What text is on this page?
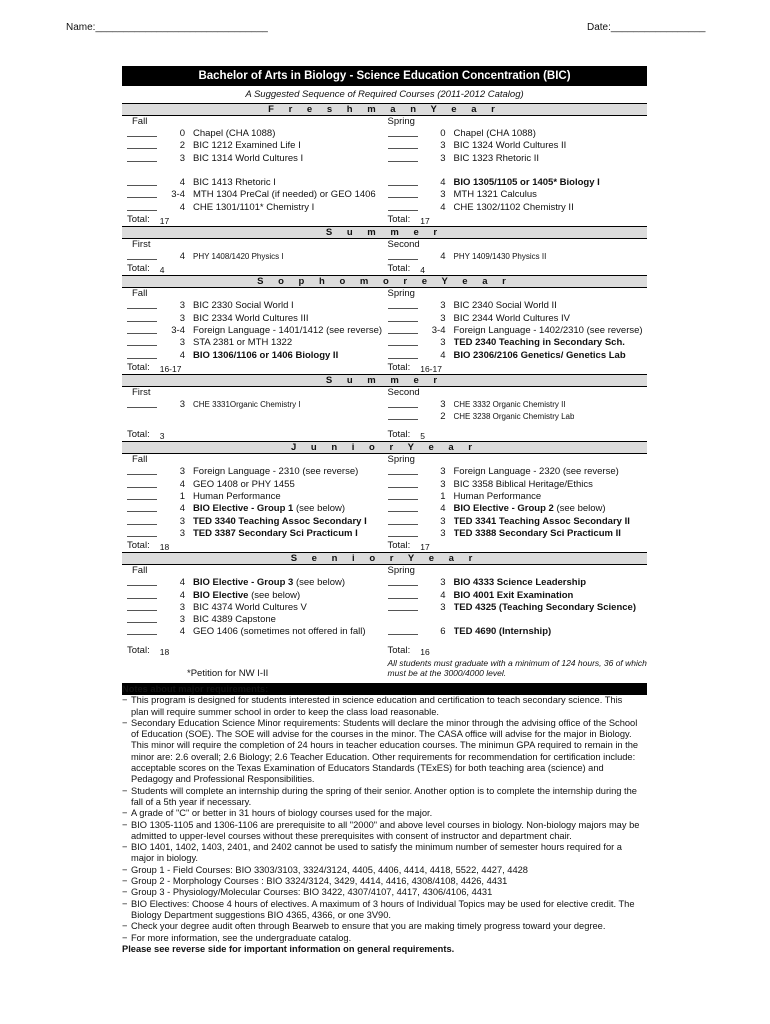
Name:_______________________________	Date:_________________
Bachelor of Arts in Biology - Science Education Concentration (BIC)
A Suggested Sequence of Required Courses (2011-2012 Catalog)
F r e s h m a n Y e a r
Fall
0 Chapel (CHA 1088)
2 BIC 1212 Examined Life I
3 BIC 1314 World Cultures I
4 BIC 1413 Rhetoric I
3-4 MTH 1304 PreCal (if needed) or GEO 1406
4 CHE 1301/1101* Chemistry I
Total: 17
Spring
0 Chapel (CHA 1088)
3 BIC 1324 World Cultures II
3 BIC 1323 Rhetoric II
4 BIO 1305/1105 or 1405* Biology I
3 MTH 1321 Calculus
4 CHE 1302/1102 Chemistry II
Total: 17
S u m m e r
First
4	PHY 1408/1420 Physics I
Total: 4
Second
4	PHY 1409/1430 Physics II
Total: 4
S o p h o m o r e Y e a r
Fall
3 BIC 2330 Social World I
3 BIC 2334 World Cultures III
3-4 Foreign Language - 1401/1412 (see reverse)
3 STA 2381 or MTH 1322
4 BIO 1306/1106 or 1406 Biology II
Total: 16-17
Spring
3 BIC 2340 Social World II
3 BIC 2344 World Cultures IV
3-4 Foreign Language - 1402/2310 (see reverse)
3 TED 2340 Teaching in Secondary Sch.
4 BIO 2306/2106 Genetics/ Genetics Lab
Total: 16-17
S u m m e r
First
3	CHE 3331Organic Chemistry I
Total: 3
Second
3	CHE 3332 Organic Chemistry II
2	CHE 3238 Organic Chemistry Lab
Total: 5
J u n i o r Y e a r
Fall
3 Foreign Language - 2310 (see reverse)
4 GEO 1408 or PHY 1455
1 Human Performance
4 BIO Elective - Group 1 (see below)
3 TED 3340 Teaching Assoc Secondary I
3 TED 3387 Secondary Sci Practicum I
Total: 18
Spring
3 Foreign Language - 2320 (see reverse)
3 BIC 3358 Biblical Heritage/Ethics
1 Human Performance
4 BIO Elective - Group 2 (see below)
3 TED 3341 Teaching Assoc Secondary II
3 TED 3388 Secondary Sci Practicum II
Total: 17
S e n i o r Y e a r
Fall
4 BIO Elective - Group 3 (see below)
4 BIO Elective (see below)
3 BIC 4374 World Cultures V
3 BIC 4389 Capstone
4 GEO 1406 (sometimes not offered in fall)
Total: 18
Spring
3 BIO 4333 Science Leadership
4 BIO 4001 Exit Examination
3 TED 4325 (Teaching Secondary Science)
6 TED 4690 (Internship)
Total: 16
*Petition for NW I-II
All students must graduate with a minimum of 124 hours, 36 of which must be at the 3000/4000 level.
Notes about major requirements:
− This program is designed for students interested in science education and certification to teach secondary science. This plan will require summer school in order to keep the class load reasonable.
− Secondary Education Science Minor requirements: Students will declare the minor through the advising office of the School of Education (SOE). The SOE will advise for the courses in the minor. The CASA office will advise for the major in Biology. This minor will require the completion of 24 hours in teacher education courses. The minimun GPA required to remain in the minor are: 2.6 overall; 2.6 Biology; 2.6 Teacher Education. Other requirements for recommendation for certification include: acceptable scores on the Texas Examination of Educators Standards (TExES) for both teaching area (science) and Pedagogy and Professional Responsibilities.
− Students will complete an internship during the spring of their senior. Another option is to complete the internship during the fall of a 5th year if necessary.
− A grade of "C" or better in 31 hours of biology courses used for the major.
− BIO 1305-1105 and 1306-1106 are prerequisite to all "2000" and above level courses in biology. Non-biology majors may be admitted to upper-level courses without these prerequisites with consent of instructor and department chair.
− BIO 1401, 1402, 1403, 2401, and 2402 cannot be used to satisfy the minimum number of semester hours required for a major in biology.
− Group 1 - Field Courses: BIO 3303/3103, 3324/3124, 4405, 4406, 4414, 4418, 5522, 4427, 4428
− Group 2 - Morphology Courses : BIO 3324/3124, 3429, 4414, 4416, 4308/4108, 4426, 4431
− Group 3 - Physiology/Molecular Courses: BIO 3422, 4307/4107, 4417, 4306/4106, 4431
− BIO Electives: Choose 4 hours of electives. A maximum of 3 hours of Individual Topics may be used for elective credit. The Biology Department suggestions BIO 4365, 4366, or one 3V90.
− Check your degree audit often through Bearweb to ensure that you are making timely progress toward your degree.
− For more information, see the undergraduate catalog.
Please see reverse side for important information on general requirements.
